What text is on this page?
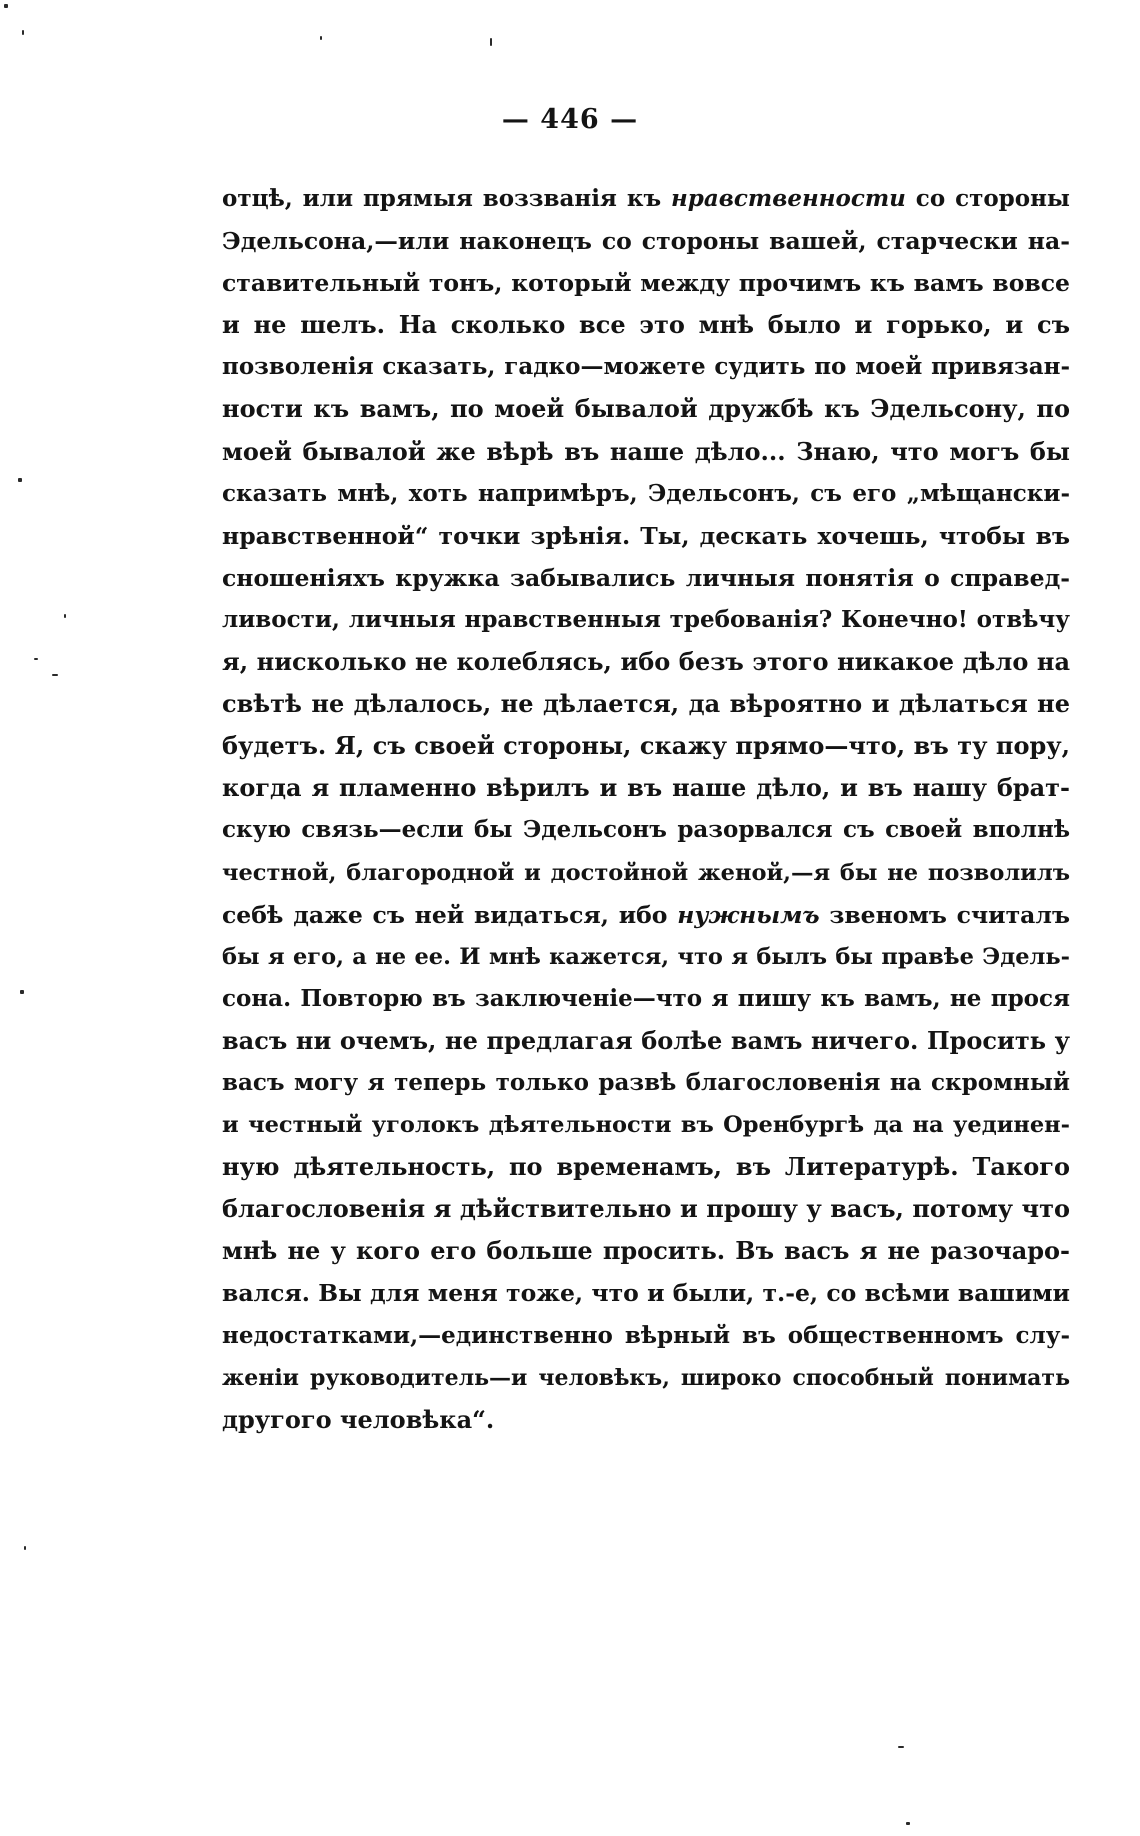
— 446 —
отцѣ, или прямыя воззванія къ нравственности со стороны
Эдельсона,—или наконецъ со стороны вашей, старчески на-
ставительный тонъ, который между прочимъ къ вамъ вовсе
и не шелъ. На сколько все это мнѣ было и горько, и съ
позволенія сказать, гадко—можете судить по моей привязан-
ности къ вамъ, по моей бывалой дружбѣ къ Эдельсону, по
моей бывалой же вѣрѣ въ наше дѣло... Знаю, что могъ бы
сказать мнѣ, хоть напримѣръ, Эдельсонъ, съ его „мѣщански-
нравственной“ точки зрѣнія. Ты, дескать хочешь, чтобы въ
сношеніяхъ кружка забывались личныя понятія о справед-
ливости, личныя нравственныя требованія? Конечно! отвѣчу
я, нисколько не колеблясь, ибо безъ этого никакое дѣло на
свѣтѣ не дѣлалось, не дѣлается, да вѣроятно и дѣлаться не
будетъ. Я, съ своей стороны, скажу прямо—что, въ ту пору,
когда я пламенно вѣрилъ и въ наше дѣло, и въ нашу брат-
скую связь—если бы Эдельсонъ разорвался съ своей вполнѣ
честной, благородной и достойной женой,—я бы не позволилъ
себѣ даже съ ней видаться, ибо нужнымъ звеномъ считалъ
бы я его, а не ее. И мнѣ кажется, что я былъ бы правѣе Эдель-
сона. Повторю въ заключеніе—что я пишу къ вамъ, не прося
васъ ни очемъ, не предлагая болѣе вамъ ничего. Просить у
васъ могу я теперь только развѣ благословенія на скромный
и честный уголокъ дѣятельности въ Оренбургѣ да на уединен-
ную дѣятельность, по временамъ, въ Литературѣ. Такого
благословенія я дѣйствительно и прошу у васъ, потому что
мнѣ не у кого его больше просить. Въ васъ я не разочаро-
вался. Вы для меня тоже, что и были, т.-е, со всѣми вашими
недостатками,—единственно вѣрный въ общественномъ слу-
женіи руководитель—и человѣкъ, широко способный понимать
другого человѣка“.
